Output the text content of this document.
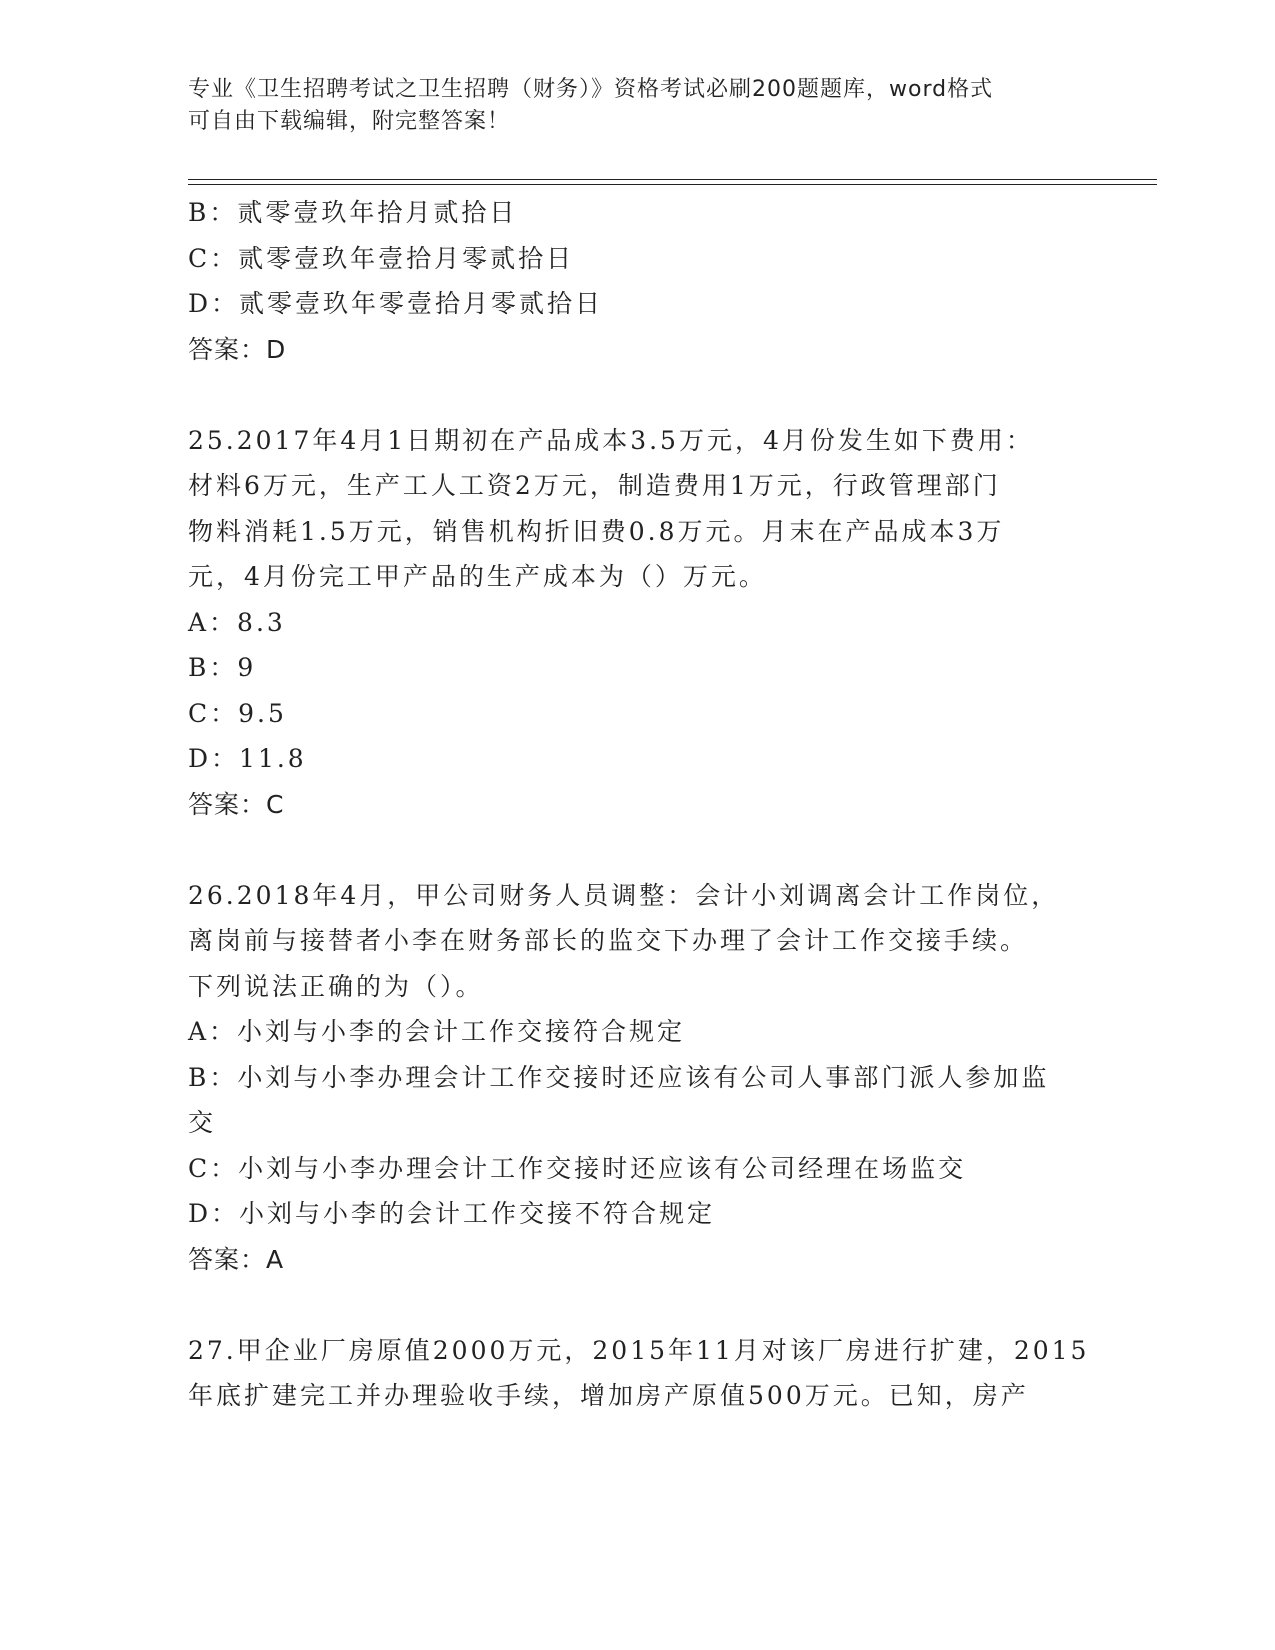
专业《卫生招聘考试之卫生招聘（财务）》资格考试必刷200题题库，word格式
可自由下载编辑，附完整答案！
B：贰零壹玖年拾月贰拾日
C：贰零壹玖年壹拾月零贰拾日
D：贰零壹玖年零壹拾月零贰拾日
答案：D
25.2017年4月1日期初在产品成本3.5万元，4月份发生如下费用：
材料6万元，生产工人工资2万元，制造费用1万元，行政管理部门
物料消耗1.5万元，销售机构折旧费0.8万元。月末在产品成本3万
元，4月份完工甲产品的生产成本为（）万元。
A：8.3
B：9
C：9.5
D：11.8
答案：C
26.2018年4月，甲公司财务人员调整：会计小刘调离会计工作岗位，
离岗前与接替者小李在财务部长的监交下办理了会计工作交接手续。
下列说法正确的为（）。
A：小刘与小李的会计工作交接符合规定
B：小刘与小李办理会计工作交接时还应该有公司人事部门派人参加监
交
C：小刘与小李办理会计工作交接时还应该有公司经理在场监交
D：小刘与小李的会计工作交接不符合规定
答案：A
27.甲企业厂房原值2000万元，2015年11月对该厂房进行扩建，2015
年底扩建完工并办理验收手续，增加房产原值500万元。已知，房产
